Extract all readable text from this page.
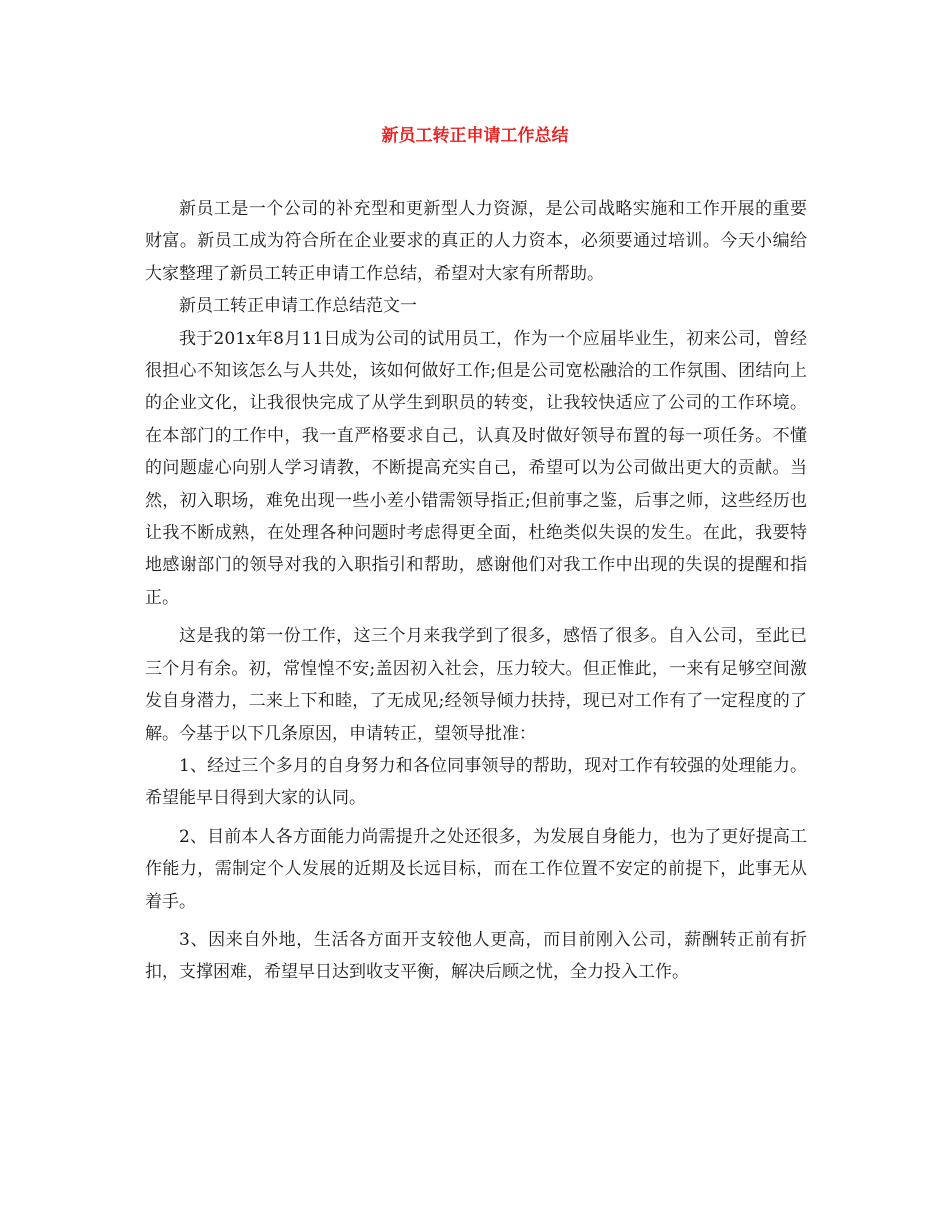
新员工转正申请工作总结

新员工是一个公司的补充型和更新型人力资源，是公司战略实施和工作开展的重要财富。新员工成为符合所在企业要求的真正的人力资本，必须要通过培训。今天小编给大家整理了新员工转正申请工作总结，希望对大家有所帮助。

新员工转正申请工作总结范文一

我于201x年8月11日成为公司的试用员工，作为一个应届毕业生，初来公司，曾经很担心不知该怎么与人共处，该如何做好工作;但是公司宽松融洽的工作氛围、团结向上的企业文化，让我很快完成了从学生到职员的转变，让我较快适应了公司的工作环境。在本部门的工作中，我一直严格要求自己，认真及时做好领导布置的每一项任务。不懂的问题虚心向别人学习请教，不断提高充实自己，希望可以为公司做出更大的贡献。当然，初入职场，难免出现一些小差小错需领导指正;但前事之鉴，后事之师，这些经历也让我不断成熟，在处理各种问题时考虑得更全面，杜绝类似失误的发生。在此，我要特地感谢部门的领导对我的入职指引和帮助，感谢他们对我工作中出现的失误的提醒和指正。

这是我的第一份工作，这三个月来我学到了很多，感悟了很多。自入公司，至此已三个月有余。初，常惶惶不安;盖因初入社会，压力较大。但正惟此，一来有足够空间激发自身潜力，二来上下和睦，了无成见;经领导倾力扶持，现已对工作有了一定程度的了解。今基于以下几条原因，申请转正，望领导批准：

1、经过三个多月的自身努力和各位同事领导的帮助，现对工作有较强的处理能力。希望能早日得到大家的认同。

2、目前本人各方面能力尚需提升之处还很多，为发展自身能力，也为了更好提高工作能力，需制定个人发展的近期及长远目标，而在工作位置不安定的前提下，此事无从着手。

3、因来自外地，生活各方面开支较他人更高，而目前刚入公司，薪酬转正前有折扣，支撑困难，希望早日达到收支平衡，解决后顾之忧，全力投入工作。
